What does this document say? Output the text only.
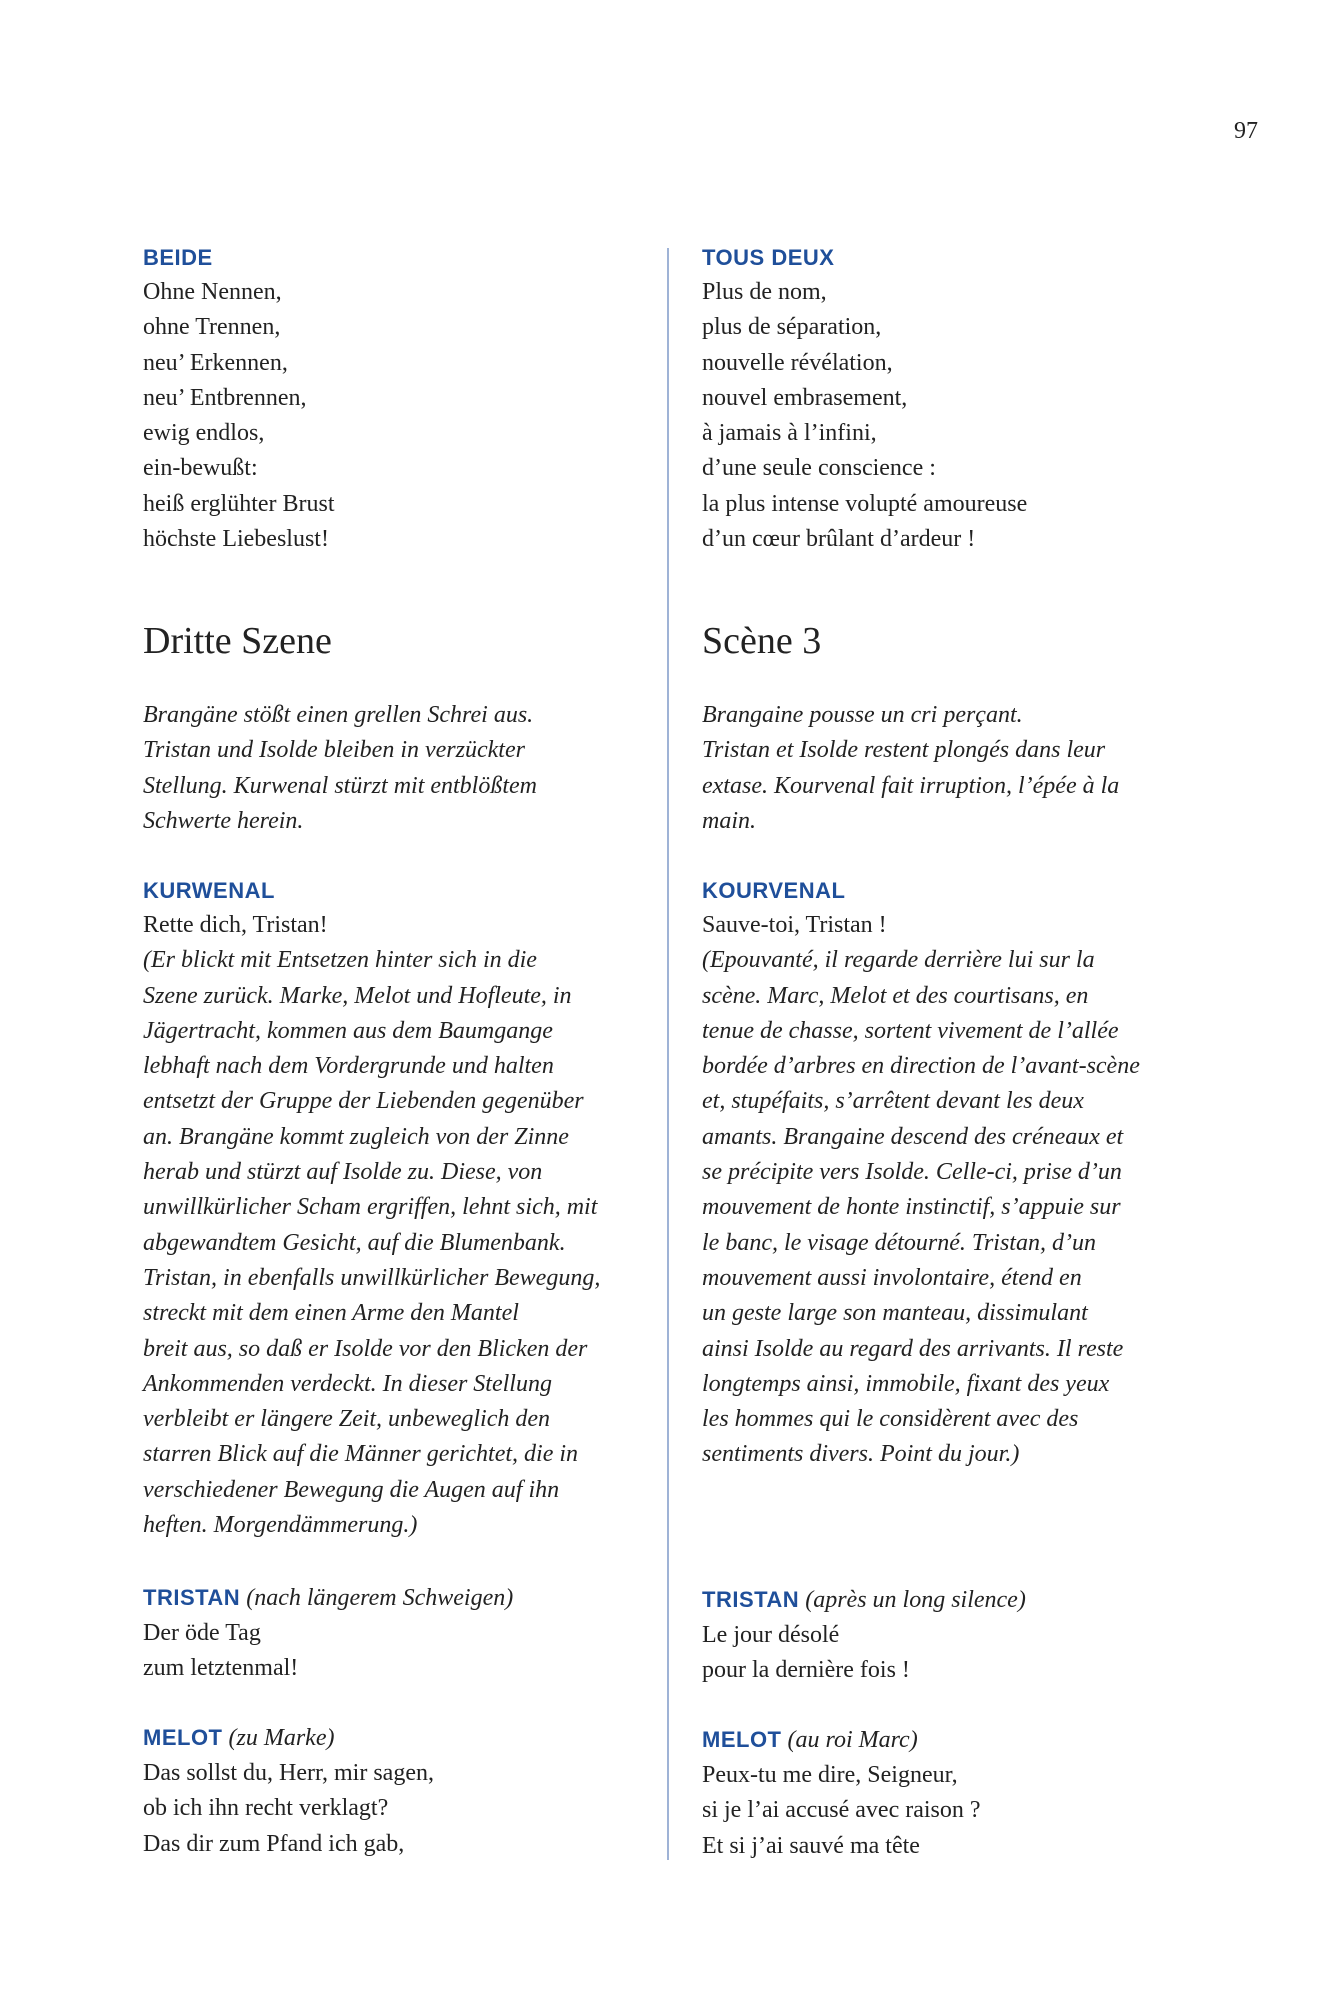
97
BEIDE
Ohne Nennen,
ohne Trennen,
neu’ Erkennen,
neu’ Entbrennen,
ewig endlos,
ein-bewußt:
heiß erglühter Brust
höchste Liebeslust!
Dritte Szene
Brangäne stößt einen grellen Schrei aus.
Tristan und Isolde bleiben in verzückter
Stellung. Kurwenal stürzt mit entblößtem
Schwerte herein.
KURWENAL
Rette dich, Tristan!
(Er blickt mit Entsetzen hinter sich in die
Szene zurück. Marke, Melot und Hofleute, in
Jägertracht, kommen aus dem Baumgange
lebhaft nach dem Vordergrunde und halten
entsetzt der Gruppe der Liebenden gegenüber
an. Brangäne kommt zugleich von der Zinne
herab und stürzt auf Isolde zu. Diese, von
unwillkürlicher Scham ergriffen, lehnt sich, mit
abgewandtem Gesicht, auf die Blumenbank.
Tristan, in ebenfalls unwillkürlicher Bewegung,
streckt mit dem einen Arme den Mantel
breit aus, so daß er Isolde vor den Blicken der
Ankommenden verdeckt. In dieser Stellung
verbleibt er längere Zeit, unbeweglich den
starren Blick auf die Männer gerichtet, die in
verschiedener Bewegung die Augen auf ihn
heften. Morgendämmerung.)
TRISTAN (nach längerem Schweigen)
Der öde Tag
zum letztenmal!
MELOT (zu Marke)
Das sollst du, Herr, mir sagen,
ob ich ihn recht verklagt?
Das dir zum Pfand ich gab,
TOUS DEUX
Plus de nom,
plus de séparation,
nouvelle révélation,
nouvel embrasement,
à jamais à l’infini,
d’une seule conscience :
la plus intense volupté amoureuse
d’un cœur brûlant d’ardeur !
Scène 3
Brangaine pousse un cri perçant.
Tristan et Isolde restent plongés dans leur
extase. Kourvenal fait irruption, l’épée à la
main.
KOURVENAL
Sauve-toi, Tristan !
(Epouvanté, il regarde derrière lui sur la
scène. Marc, Melot et des courtisans, en
tenue de chasse, sortent vivement de l’allée
bordée d’arbres en direction de l’avant-scène
et, stupéfaits, s’arrêtent devant les deux
amants. Brangaine descend des créneaux et
se précipite vers Isolde. Celle-ci, prise d’un
mouvement de honte instinctif, s’appuie sur
le banc, le visage détourné. Tristan, d’un
mouvement aussi involontaire, étend en
un geste large son manteau, dissimulant
ainsi Isolde au regard des arrivants. Il reste
longtemps ainsi, immobile, fixant des yeux
les hommes qui le considèrent avec des
sentiments divers. Point du jour.)
TRISTAN (après un long silence)
Le jour désolé
pour la dernière fois !
MELOT (au roi Marc)
Peux-tu me dire, Seigneur,
si je l’ai accusé avec raison ?
Et si j’ai sauvé ma tête
